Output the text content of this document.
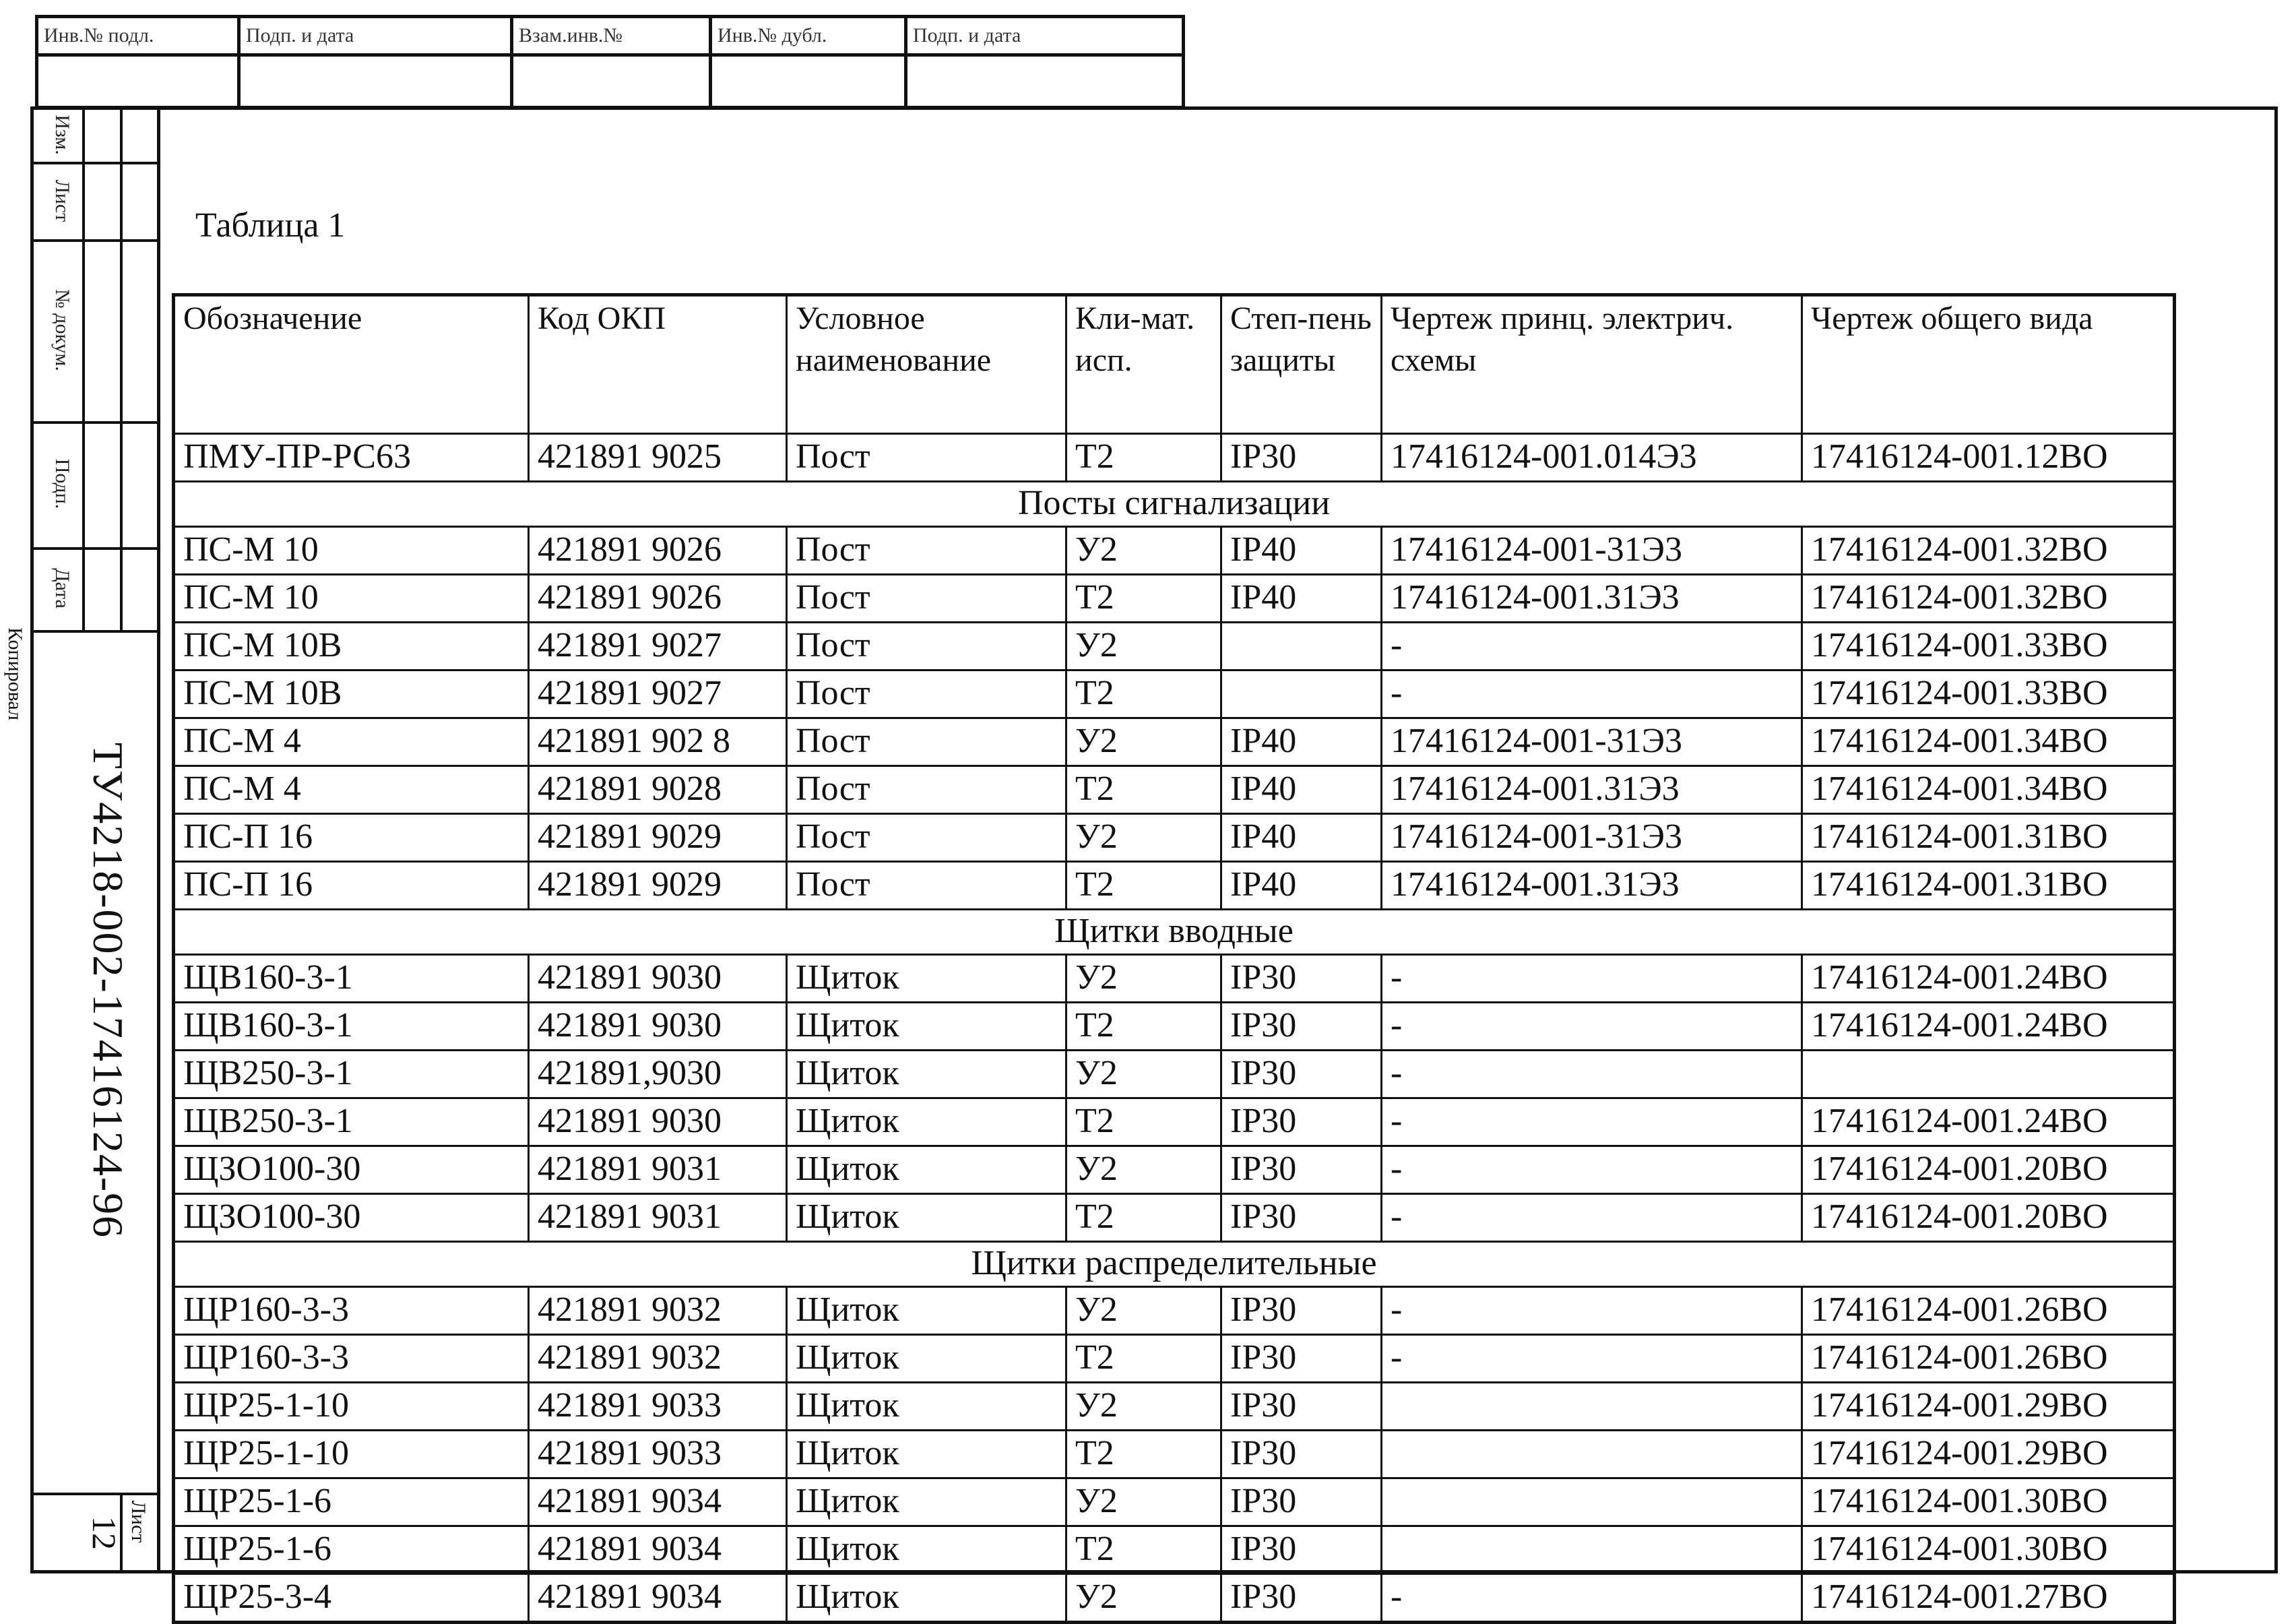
Инв.№ подл.	Подп. и дата	Взам.инв.№	Инв.№ дубл.	Подп. и дата

Изм.
Лист
№ докум.
Подп.
Дата
Копировал
ТУ4218-002-17416124-96
Лист
12
Таблица 1
Обозначение	Код ОКП	Условное наименование	Кли-мат. исп.	Степ-пень защиты	Чертеж принц. электрич. схемы	Чертеж общего вида
ПМУ-ПР-РС63	421891 9025	Пост	Т2	IP30	17416124-001.014Э3	17416124-001.12ВО
Посты сигнализации						
ПС-М 10	421891 9026	Пост	У2	IP40	17416124-001-31Э3	17416124-001.32ВО
ПС-М 10	421891 9026	Пост	Т2	IP40	17416124-001.31Э3	17416124-001.32ВО
ПС-М 10В	421891 9027	Пост	У2		-	17416124-001.33ВО
ПС-М 10В	421891 9027	Пост	Т2		-	17416124-001.33ВО
ПС-М 4	421891 902 8	Пост	У2	IP40	17416124-001-31Э3	17416124-001.34ВО
ПС-М 4	421891 9028	Пост	Т2	IP40	17416124-001.31Э3	17416124-001.34ВО
ПС-П 16	421891 9029	Пост	У2	IP40	17416124-001-31Э3	17416124-001.31ВО
ПС-П 16	421891 9029	Пост	Т2	IP40	17416124-001.31Э3	17416124-001.31ВО
Щитки вводные						
ЩВ160-3-1	421891 9030	Щиток	У2	IP30	-	17416124-001.24ВО
ЩВ160-3-1	421891 9030	Щиток	Т2	IP30	-	17416124-001.24ВО
ЩВ250-3-1	421891,9030	Щиток	У2	IP30	-	
ЩВ250-3-1	421891 9030	Щиток	Т2	IP30	-	17416124-001.24ВО
ЩЗО100-30	421891 9031	Щиток	У2	IP30	-	17416124-001.20ВО
ЩЗО100-30	421891 9031	Щиток	Т2	IP30	-	17416124-001.20ВО
Щитки распределительные						
ЩР160-3-3	421891 9032	Щиток	У2	IP30	-	17416124-001.26ВО
ЩР160-3-3	421891 9032	Щиток	Т2	IP30	-	17416124-001.26ВО
ЩР25-1-10	421891 9033	Щиток	У2	IP30		17416124-001.29ВО
ЩР25-1-10	421891 9033	Щиток	Т2	IP30		17416124-001.29ВО
ЩР25-1-6	421891 9034	Щиток	У2	IP30		17416124-001.30ВО
ЩР25-1-6	421891 9034	Щиток	Т2	IP30		17416124-001.30ВО
ЩР25-3-4	421891 9034	Щиток	У2	IP30	-	17416124-001.27ВО
